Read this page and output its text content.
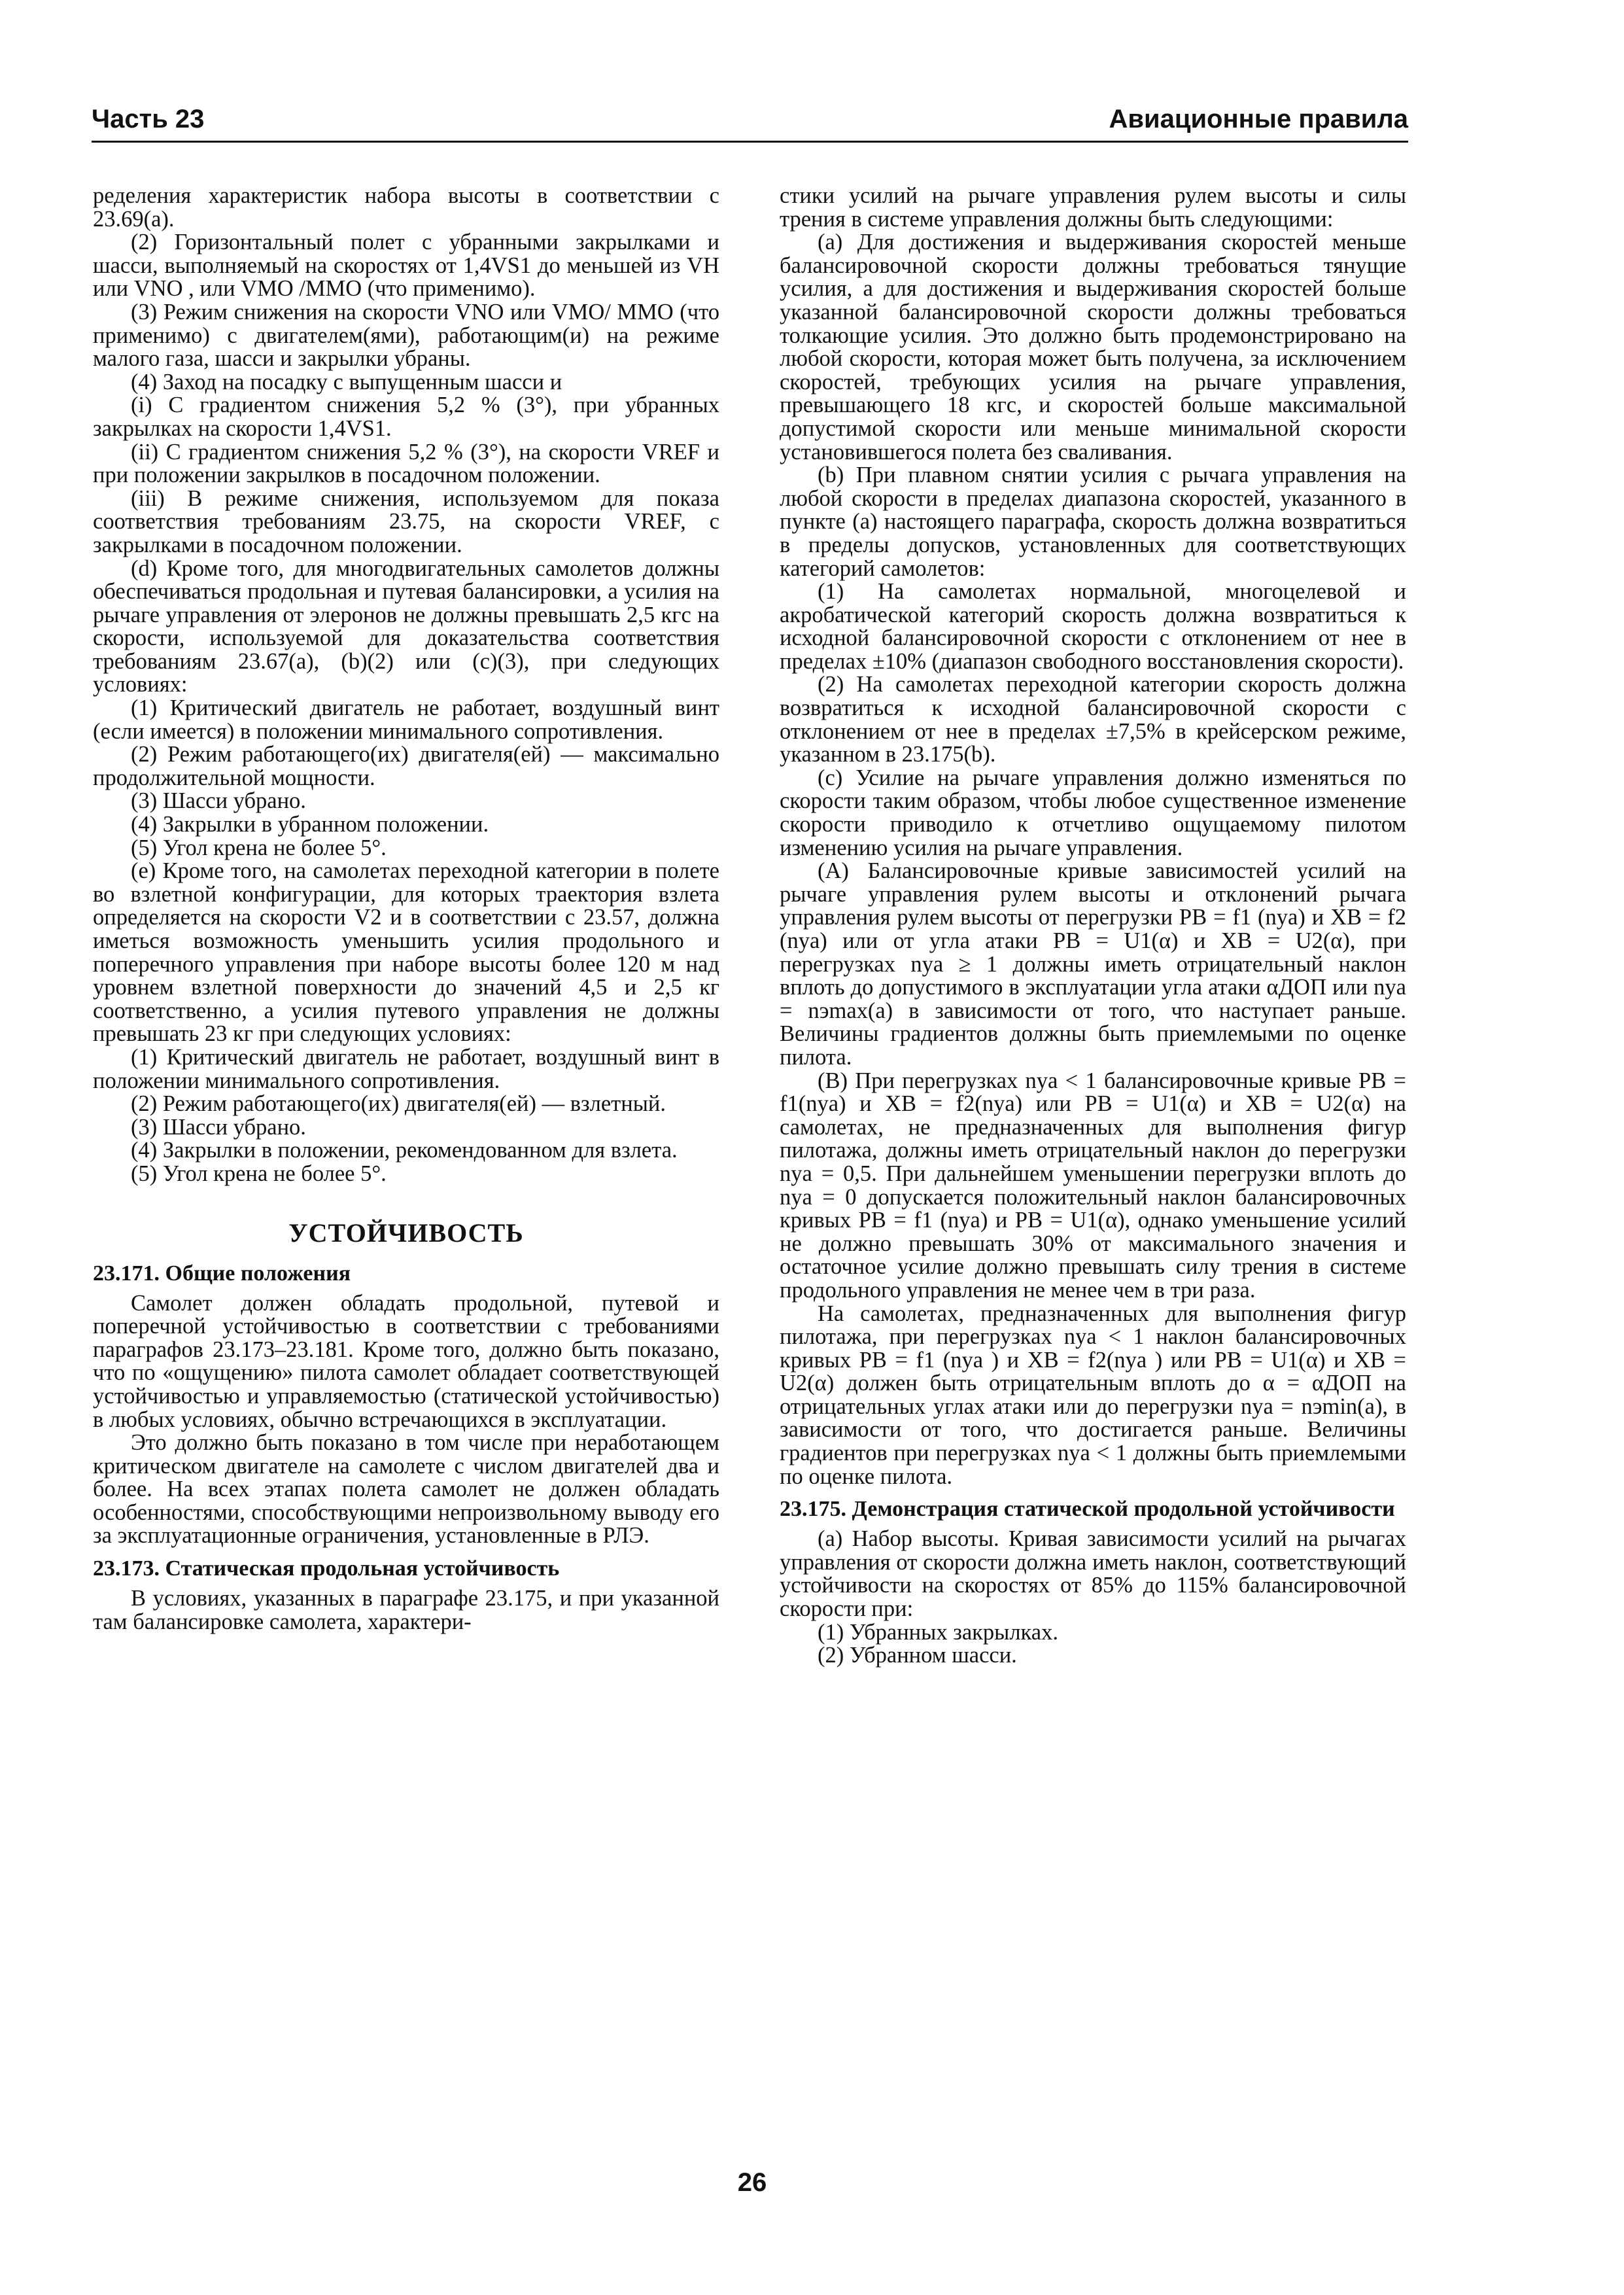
Часть 23	Авиационные правила

ределения характеристик набора высоты в соответствии с 23.69(а).

(2) Горизонтальный полет с убранными закрылками и шасси, выполняемый на скоростях от 1,4VS1 до меньшей из VH или VNO , или VMO /MMO (что применимо).

(3) Режим снижения на скорости VNO или VMO/ MMO (что применимо) с двигателем(ями), работающим(и) на режиме малого газа, шасси и закрылки убраны.

(4) Заход на посадку с выпущенным шасси и

(i) С градиентом снижения 5,2 % (3°), при убранных закрылках на скорости 1,4VS1.

(ii) С градиентом снижения 5,2 % (3°), на скорости VREF и при положении закрылков в посадочном положении.

(iii) В режиме снижения, используемом для показа соответствия требованиям 23.75, на скорости VREF, с закрылками в посадочном положении.

(d) Кроме того, для многодвигательных самолетов должны обеспечиваться продольная и путевая балансировки, а усилия на рычаге управления от элеронов не должны превышать 2,5 кгс на скорости, используемой для доказательства соответствия требованиям 23.67(а), (b)(2) или (с)(3), при следующих условиях:

(1) Критический двигатель не работает, воздушный винт (если имеется) в положении минимального сопротивления.

(2) Режим работающего(их) двигателя(ей) — максимально продолжительной мощности.

(3) Шасси убрано.

(4) Закрылки в убранном положении.

(5) Угол крена не более 5°.

(е) Кроме того, на самолетах переходной категории в полете во взлетной конфигурации, для которых траектория взлета определяется на скорости V2 и в соответствии с 23.57, должна иметься возможность уменьшить усилия продольного и поперечного управления при наборе высоты более 120 м над уровнем взлетной поверхности до значений 4,5 и 2,5 кг соответственно, а усилия путевого управления не должны превышать 23 кг при следующих условиях:

(1) Критический двигатель не работает, воздушный винт в положении минимального сопротивления.

(2) Режим работающего(их) двигателя(ей) — взлетный.

(3) Шасси убрано.

(4) Закрылки в положении, рекомендованном для взлета.

(5) Угол крена не более 5°.

УСТОЙЧИВОСТЬ
23.171. Общие положения

Самолет должен обладать продольной, путевой и поперечной устойчивостью в соответствии с требованиями параграфов 23.173–23.181. Кроме того, должно быть показано, что по «ощущению» пилота самолет обладает соответствующей устойчивостью и управляемостью (статической устойчивостью) в любых условиях, обычно встречающихся в эксплуатации.

Это должно быть показано в том числе при неработающем критическом двигателе на самолете с числом двигателей два и более. На всех этапах полета самолет не должен обладать особенностями, способствующими непроизвольному выводу его за эксплуатационные ограничения, установленные в РЛЭ.

23.173. Статическая продольная устойчивость

В условиях, указанных в параграфе 23.175, и при указанной там балансировке самолета, характери-

стики усилий на рычаге управления рулем высоты и силы трения в системе управления должны быть следующими:

(а) Для достижения и выдерживания скоростей меньше балансировочной скорости должны требоваться тянущие усилия, а для достижения и выдерживания скоростей больше указанной балансировочной скорости должны требоваться толкающие усилия. Это должно быть продемонстрировано на любой скорости, которая может быть получена, за исключением скоростей, требующих усилия на рычаге управления, превышающего 18 кгс, и скоростей больше максимальной допустимой скорости или меньше минимальной скорости установившегося полета без сваливания.

(b) При плавном снятии усилия с рычага управления на любой скорости в пределах диапазона скоростей, указанного в пункте (а) настоящего параграфа, скорость должна возвратиться в пределы допусков, установленных для соответствующих категорий самолетов:

(1) На самолетах нормальной, многоцелевой и акробатической категорий скорость должна возвратиться к исходной балансировочной скорости с отклонением от нее в пределах ±10% (диапазон свободного восстановления скорости).

(2) На самолетах переходной категории скорость должна возвратиться к исходной балансировочной скорости с отклонением от нее в пределах ±7,5% в крейсерском режиме, указанном в 23.175(b).

(с) Усилие на рычаге управления должно изменяться по скорости таким образом, чтобы любое существенное изменение скорости приводило к отчетливо ощущаемому пилотом изменению усилия на рычаге управления.

(А) Балансировочные кривые зависимостей усилий на рычаге управления рулем высоты и отклонений рычага управления рулем высоты от перегрузки PB = f1 (nya) и XB = f2 (nya) или от угла атаки PB = U1(α) и XB = U2(α), при перегрузках nya ≥ 1 должны иметь отрицательный наклон вплоть до допустимого в эксплуатации угла атаки αДОП или nya = nэmax(a) в зависимости от того, что наступает раньше. Величины градиентов должны быть приемлемыми по оценке пилота.

(В) При перегрузках nya < 1 балансировочные кривые PB = f1(nya) и XB = f2(nya) или PB = U1(α) и XB = U2(α) на самолетах, не предназначенных для выполнения фигур пилотажа, должны иметь отрицательный наклон до перегрузки nya = 0,5. При дальнейшем уменьшении перегрузки вплоть до nya = 0 допускается положительный наклон балансировочных кривых PB = f1 (nya) и PB = U1(α), однако уменьшение усилий не должно превышать 30% от максимального значения и остаточное усилие должно превышать силу трения в системе продольного управления не менее чем в три раза.

На самолетах, предназначенных для выполнения фигур пилотажа, при перегрузках nya < 1 наклон балансировочных кривых PB = f1 (nya ) и XB = f2(nya ) или PB = U1(α) и XB = U2(α) должен быть отрицательным вплоть до α = αДОП на отрицательных углах атаки или до перегрузки nya = nэmin(a), в зависимости от того, что достигается раньше. Величины градиентов при перегрузках nya < 1 должны быть приемлемыми по оценке пилота.

23.175. Демонстрация статической продольной устойчивости

(а) Набор высоты. Кривая зависимости усилий на рычагах управления от скорости должна иметь наклон, соответствующий устойчивости на скоростях от 85% до 115% балансировочной скорости при:

(1) Убранных закрылках.

(2) Убранном шасси.

26
